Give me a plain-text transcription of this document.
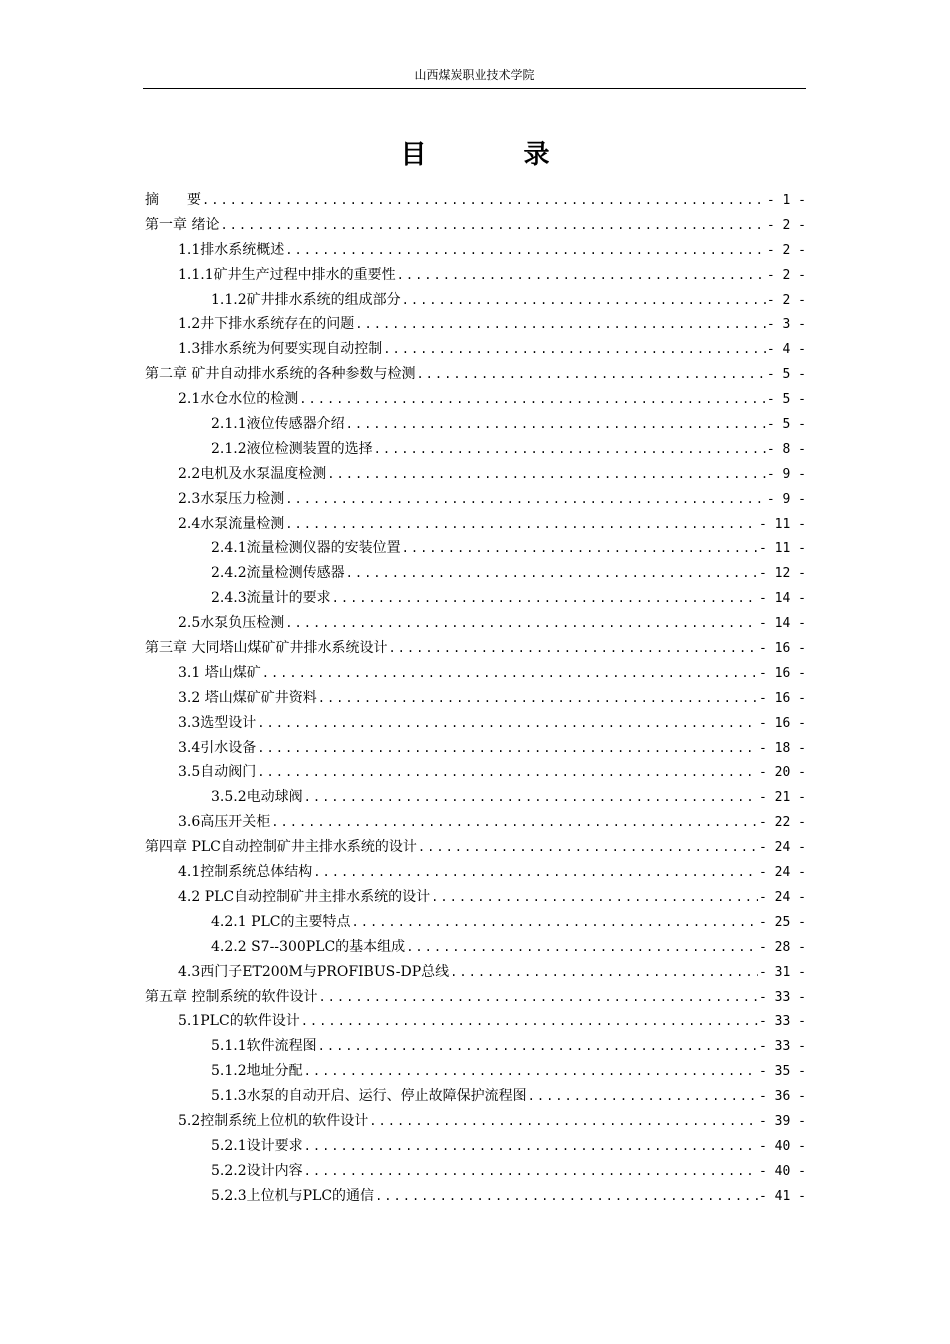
山西煤炭职业技术学院
目 录
摘　　要 .....	- 1 -
第一章 绪论 .....	- 2 -
1.1排水系统概述 .....	- 2 -
1.1.1矿井生产过程中排水的重要性 .....	- 2 -
1.1.2矿井排水系统的组成部分 .....	- 2 -
1.2井下排水系统存在的问题 .....	- 3 -
1.3排水系统为何要实现自动控制 .....	- 4 -
第二章 矿井自动排水系统的各种参数与检测 .....	- 5 -
2.1水仓水位的检测 .....	- 5 -
2.1.1液位传感器介绍 .....	- 5 -
2.1.2液位检测装置的选择 .....	- 8 -
2.2电机及水泵温度检测 .....	- 9 -
2.3水泵压力检测 .....	- 9 -
2.4水泵流量检测 .....	- 11 -
2.4.1流量检测仪器的安装位置 .....	- 11 -
2.4.2流量检测传感器 .....	- 12 -
2.4.3流量计的要求 .....	- 14 -
2.5水泵负压检测 .....	- 14 -
第三章 大同塔山煤矿矿井排水系统设计 .....	- 16 -
3.1 塔山煤矿 .....	- 16 -
3.2 塔山煤矿矿井资料 .....	- 16 -
3.3选型设计 .....	- 16 -
3.4引水设备 .....	- 18 -
3.5自动阀门 .....	- 20 -
3.5.2电动球阀 .....	- 21 -
3.6高压开关柜 .....	- 22 -
第四章 PLC自动控制矿井主排水系统的设计 .....	- 24 -
4.1控制系统总体结构 .....	- 24 -
4.2 PLC自动控制矿井主排水系统的设计 .....	- 24 -
4.2.1 PLC的主要特点 .....	- 25 -
4.2.2 S7--300PLC的基本组成 .....	- 28 -
4.3西门子ET200M与PROFIBUS-DP总线 .....	- 31 -
第五章 控制系统的软件设计 .....	- 33 -
5.1PLC的软件设计 .....	- 33 -
5.1.1软件流程图 .....	- 33 -
5.1.2地址分配 .....	- 35 -
5.1.3水泵的自动开启、运行、停止故障保护流程图 .....	- 36 -
5.2控制系统上位机的软件设计 .....	- 39 -
5.2.1设计要求 .....	- 40 -
5.2.2设计内容 .....	- 40 -
5.2.3上位机与PLC的通信 .....	- 41 -
